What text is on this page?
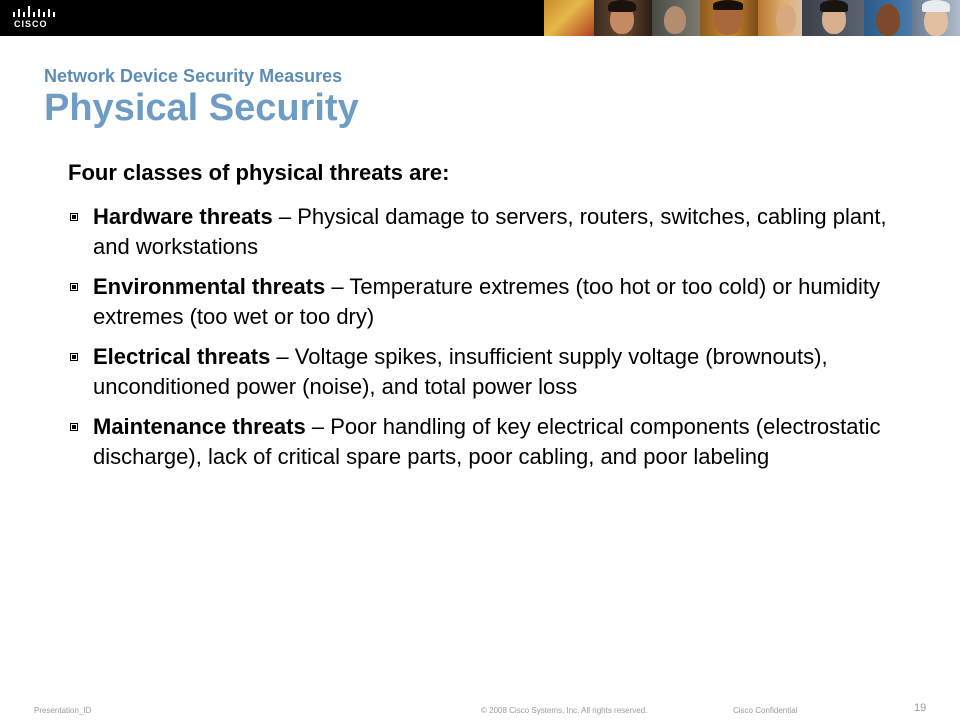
CISCO

Network Device Security Measures

Physical Security

Four classes of physical threats are:

Hardware threats – Physical damage to servers, routers, switches, cabling plant, and workstations
Environmental threats – Temperature extremes (too hot or too cold) or humidity extremes (too wet or too dry)
Electrical threats – Voltage spikes, insufficient supply voltage (brownouts), unconditioned power (noise), and total power loss
Maintenance threats – Poor handling of key electrical components (electrostatic discharge), lack of critical spare parts, poor cabling, and poor labeling
Presentation_ID	© 2008 Cisco Systems, Inc. All rights reserved.	Cisco Confidential	19
